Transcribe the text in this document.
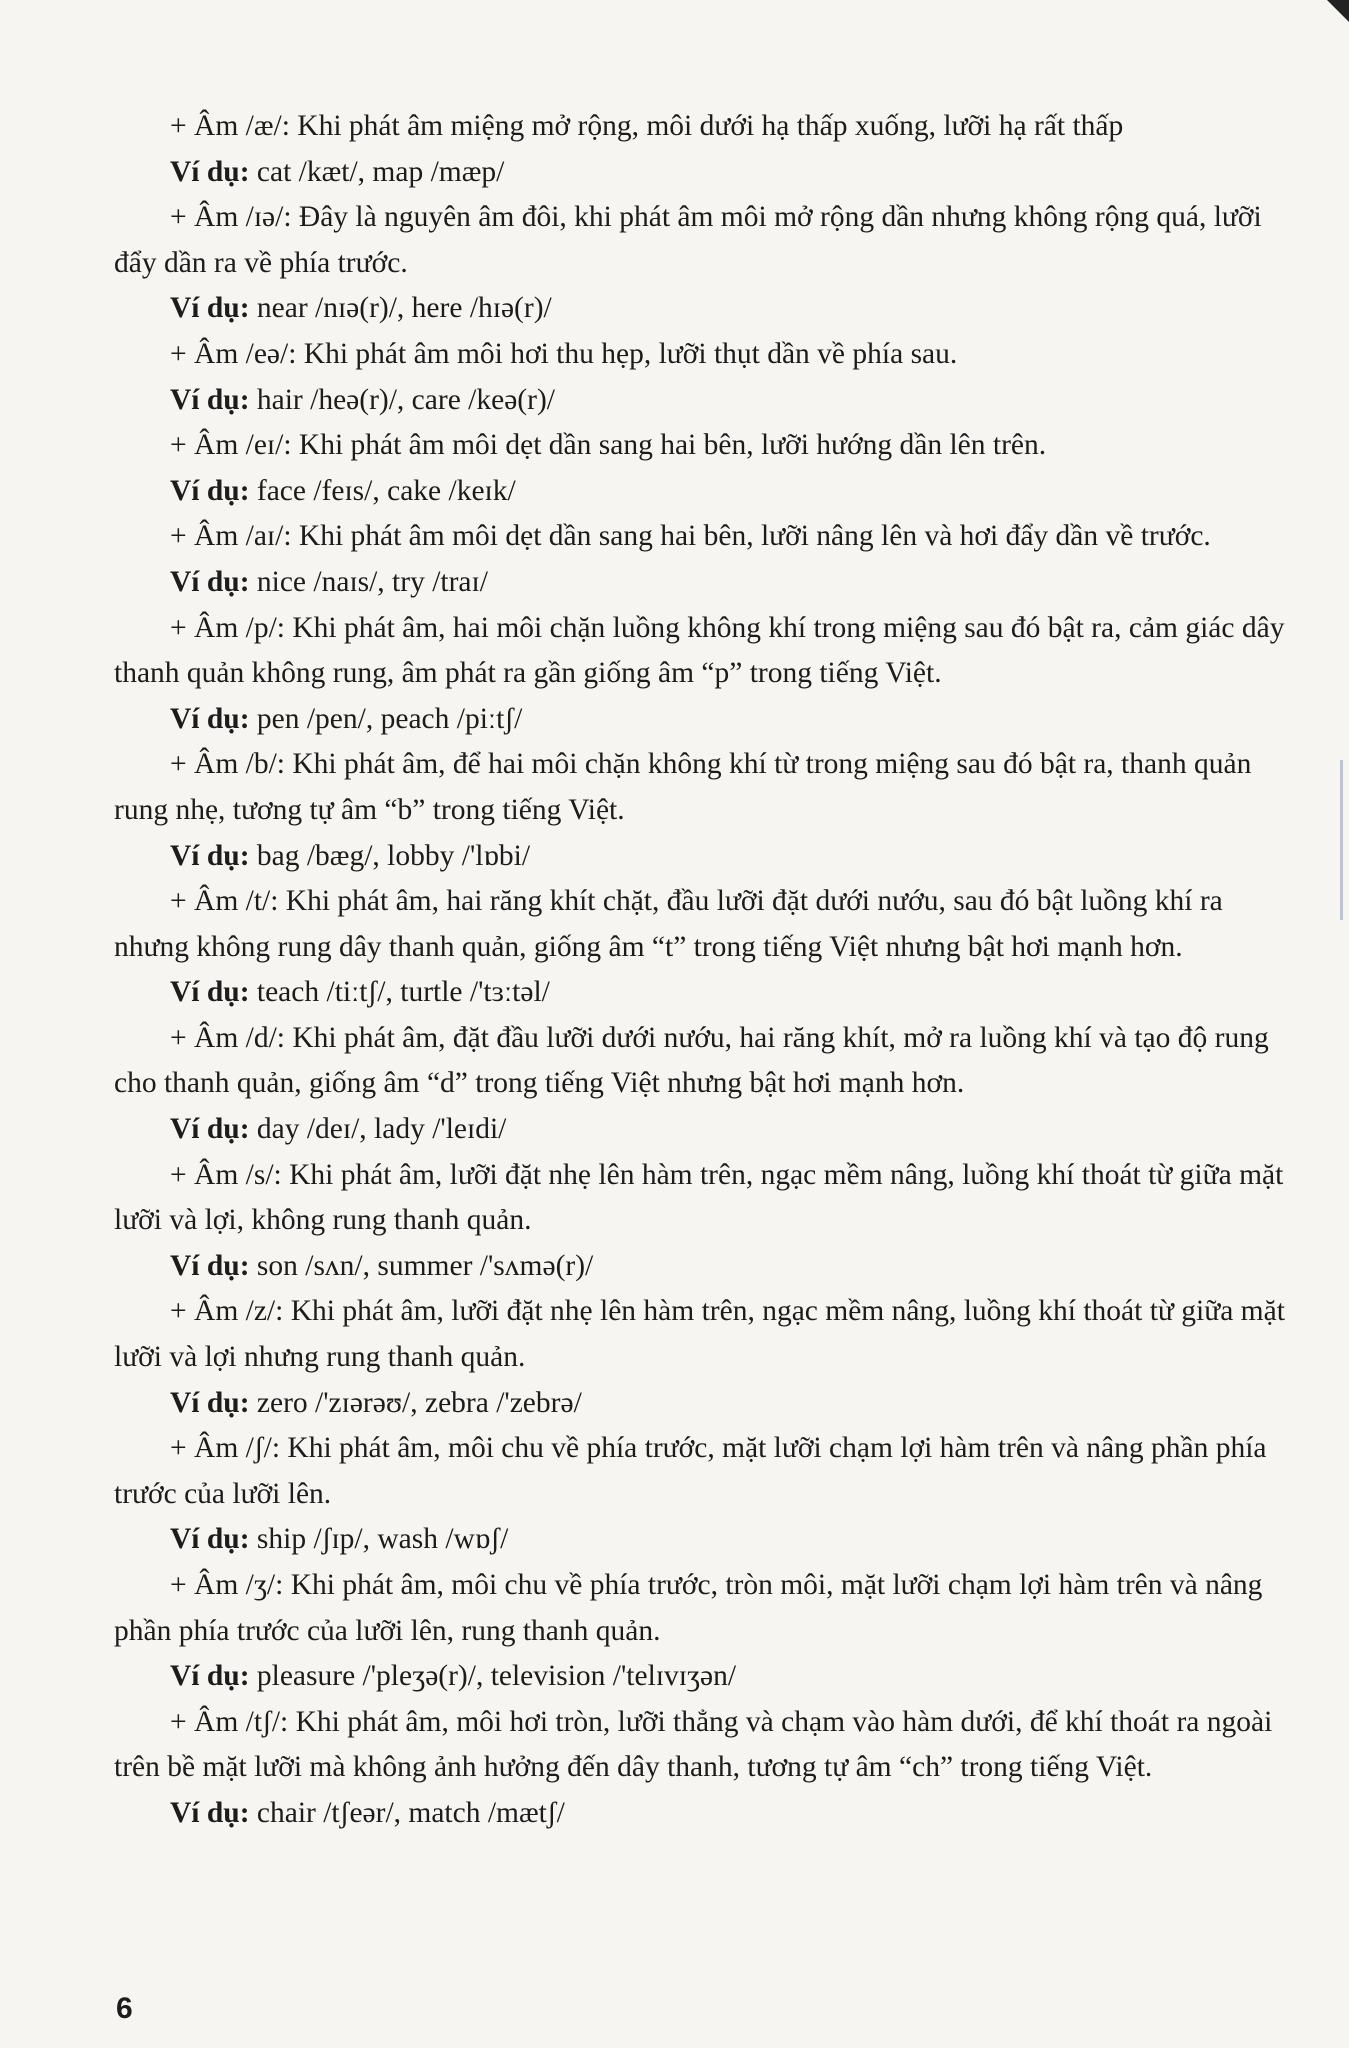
+ Âm /æ/: Khi phát âm miệng mở rộng, môi dưới hạ thấp xuống, lưỡi hạ rất thấp

Ví dụ: cat /kæt/, map /mæp/

+ Âm /ɪə/: Đây là nguyên âm đôi, khi phát âm môi mở rộng dần nhưng không rộng quá, lưỡi đẩy dần ra về phía trước.

Ví dụ: near /nɪə(r)/, here /hɪə(r)/

+ Âm /eə/: Khi phát âm môi hơi thu hẹp, lưỡi thụt dần về phía sau.

Ví dụ: hair /heə(r)/, care /keə(r)/

+ Âm /eɪ/: Khi phát âm môi dẹt dần sang hai bên, lưỡi hướng dần lên trên.

Ví dụ: face /feɪs/, cake /keɪk/

+ Âm /aɪ/: Khi phát âm môi dẹt dần sang hai bên, lưỡi nâng lên và hơi đẩy dần về trước.

Ví dụ: nice /naɪs/, try /traɪ/

+ Âm /p/: Khi phát âm, hai môi chặn luồng không khí trong miệng sau đó bật ra, cảm giác dây thanh quản không rung, âm phát ra gần giống âm “p” trong tiếng Việt.

Ví dụ: pen /pen/, peach /piːtʃ/

+ Âm /b/: Khi phát âm, để hai môi chặn không khí từ trong miệng sau đó bật ra, thanh quản rung nhẹ, tương tự âm “b” trong tiếng Việt.

Ví dụ: bag /bæg/, lobby /'lɒbi/

+ Âm /t/: Khi phát âm, hai răng khít chặt, đầu lưỡi đặt dưới nướu, sau đó bật luồng khí ra nhưng không rung dây thanh quản, giống âm “t” trong tiếng Việt nhưng bật hơi mạnh hơn.

Ví dụ: teach /tiːtʃ/, turtle /'tɜːtəl/

+ Âm /d/: Khi phát âm, đặt đầu lưỡi dưới nướu, hai răng khít, mở ra luồng khí và tạo độ rung cho thanh quản, giống âm “d” trong tiếng Việt nhưng bật hơi mạnh hơn.

Ví dụ: day /deɪ/, lady /'leɪdi/

+ Âm /s/: Khi phát âm, lưỡi đặt nhẹ lên hàm trên, ngạc mềm nâng, luồng khí thoát từ giữa mặt lưỡi và lợi, không rung thanh quản.

Ví dụ: son /sʌn/, summer /'sʌmə(r)/

+ Âm /z/: Khi phát âm, lưỡi đặt nhẹ lên hàm trên, ngạc mềm nâng, luồng khí thoát từ giữa mặt lưỡi và lợi nhưng rung thanh quản.

Ví dụ: zero /'zɪərəʊ/, zebra /'zebrə/

+ Âm /ʃ/: Khi phát âm, môi chu về phía trước, mặt lưỡi chạm lợi hàm trên và nâng phần phía trước của lưỡi lên.

Ví dụ: ship /ʃɪp/, wash /wɒʃ/

+ Âm /ʒ/: Khi phát âm, môi chu về phía trước, tròn môi, mặt lưỡi chạm lợi hàm trên và nâng phần phía trước của lưỡi lên, rung thanh quản.

Ví dụ: pleasure /'pleʒə(r)/, television /'telɪvɪʒən/

+ Âm /tʃ/: Khi phát âm, môi hơi tròn, lưỡi thẳng và chạm vào hàm dưới, để khí thoát ra ngoài trên bề mặt lưỡi mà không ảnh hưởng đến dây thanh, tương tự âm “ch” trong tiếng Việt.

Ví dụ: chair /tʃeər/, match /mætʃ/

6
